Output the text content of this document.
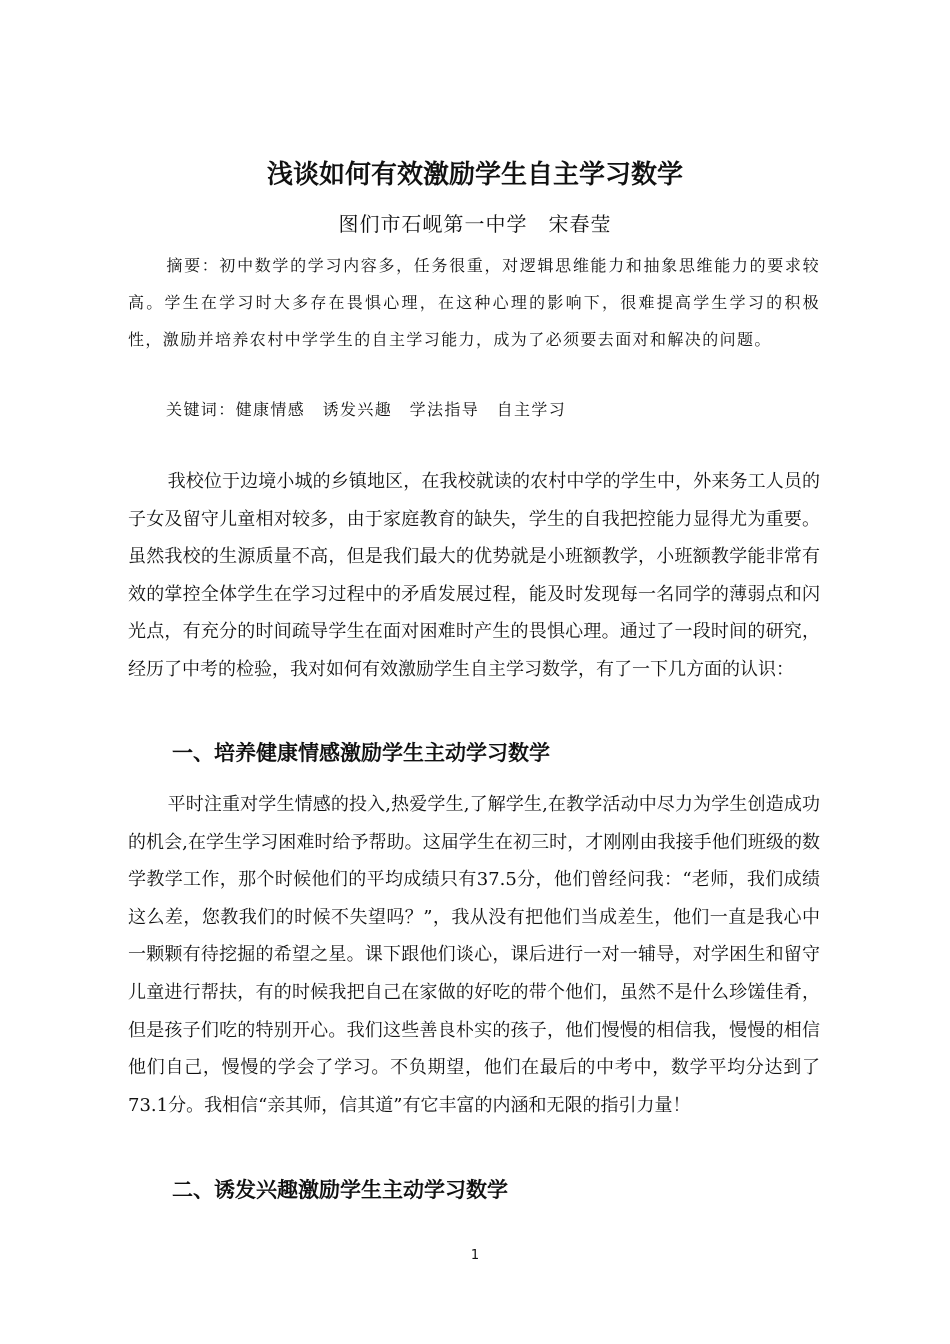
浅谈如何有效激励学生自主学习数学
图们市石岘第一中学　宋春莹

摘要：初中数学的学习内容多，任务很重，对逻辑思维能力和抽象思维能力的要求较高。学生在学习时大多存在畏惧心理，在这种心理的影响下，很难提高学生学习的积极性，激励并培养农村中学学生的自主学习能力，成为了必须要去面对和解决的问题。

关键词：健康情感　诱发兴趣　学法指导　自主学习

我校位于边境小城的乡镇地区，在我校就读的农村中学的学生中，外来务工人员的子女及留守儿童相对较多，由于家庭教育的缺失，学生的自我把控能力显得尤为重要。虽然我校的生源质量不高，但是我们最大的优势就是小班额教学，小班额教学能非常有效的掌控全体学生在学习过程中的矛盾发展过程，能及时发现每一名同学的薄弱点和闪光点，有充分的时间疏导学生在面对困难时产生的畏惧心理。通过了一段时间的研究，经历了中考的检验，我对如何有效激励学生自主学习数学，有了一下几方面的认识：

一、培养健康情感激励学生主动学习数学

平时注重对学生情感的投入,热爱学生,了解学生,在教学活动中尽力为学生创造成功的机会,在学生学习困难时给予帮助。这届学生在初三时，才刚刚由我接手他们班级的数学教学工作，那个时候他们的平均成绩只有37.5分，他们曾经问我：“老师，我们成绩这么差，您教我们的时候不失望吗？”，我从没有把他们当成差生，他们一直是我心中一颗颗有待挖掘的希望之星。课下跟他们谈心，课后进行一对一辅导，对学困生和留守儿童进行帮扶，有的时候我把自己在家做的好吃的带个他们，虽然不是什么珍馐佳肴，但是孩子们吃的特别开心。我们这些善良朴实的孩子，他们慢慢的相信我，慢慢的相信他们自己，慢慢的学会了学习。不负期望，他们在最后的中考中，数学平均分达到了73.1分。我相信“亲其师，信其道”有它丰富的内涵和无限的指引力量！

二、诱发兴趣激励学生主动学习数学
1
